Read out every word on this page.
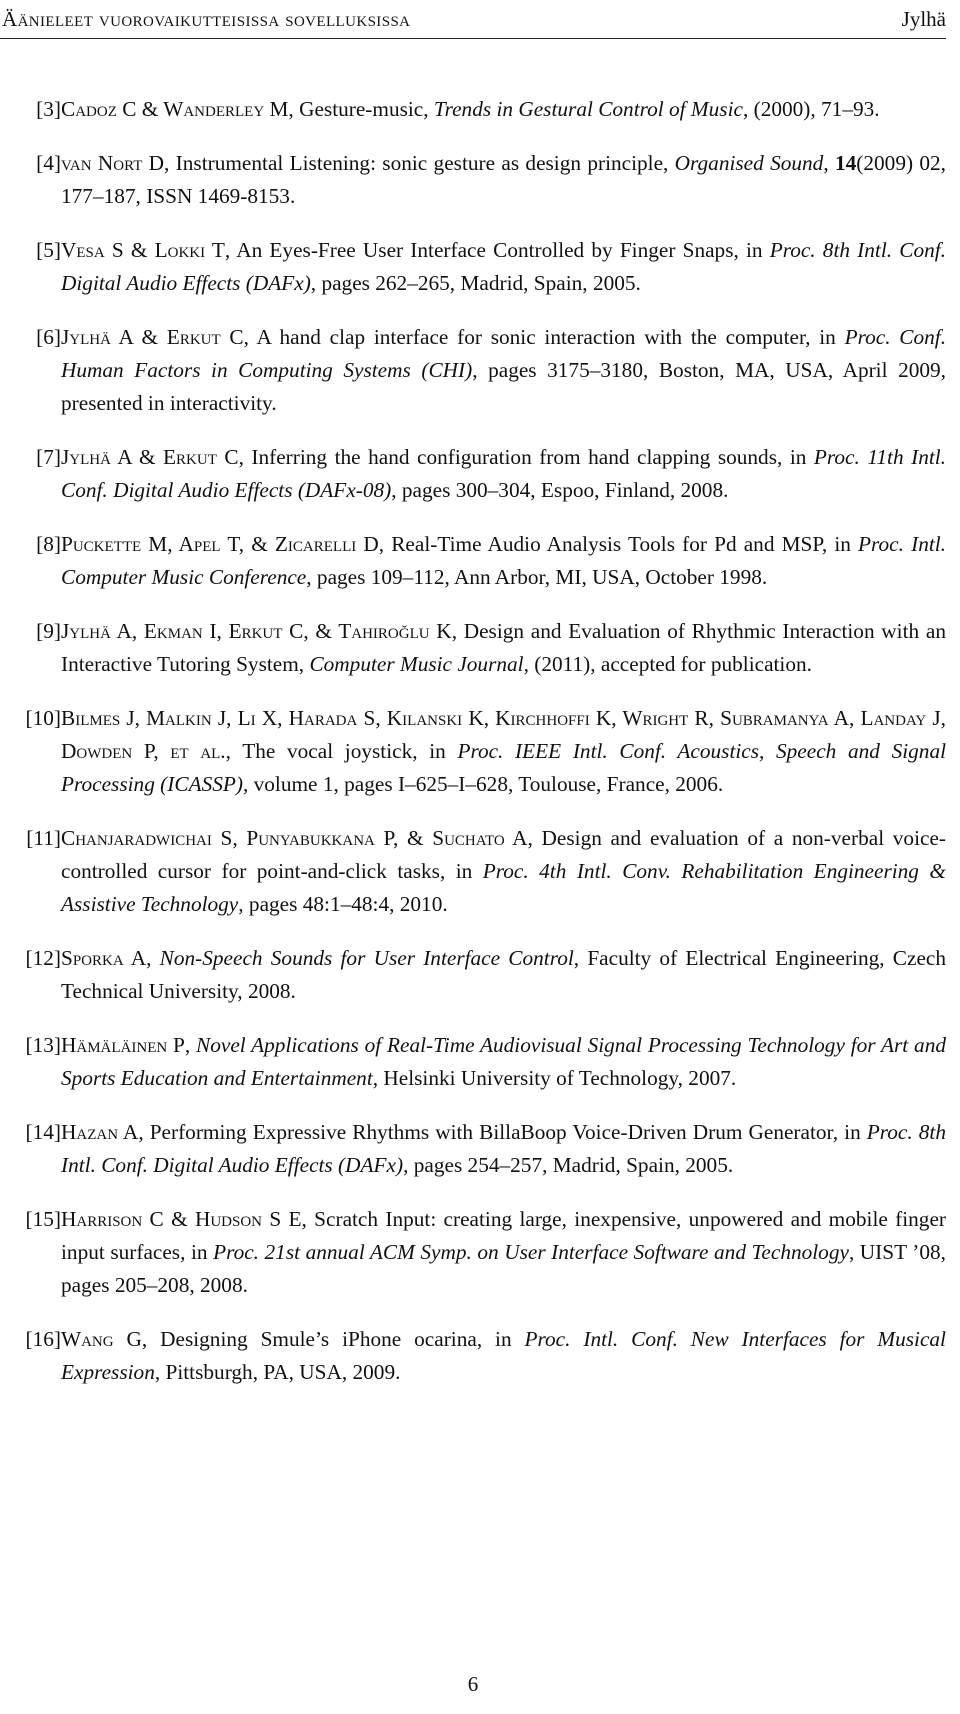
Äänieleet vuorovaikutteisissa sovelluksissa	Jylhä
[3] Cadoz C & Wanderley M, Gesture-music, Trends in Gestural Control of Music, (2000), 71–93.
[4] van Nort D, Instrumental Listening: sonic gesture as design principle, Organised Sound, 14(2009) 02, 177–187, ISSN 1469-8153.
[5] Vesa S & Lokki T, An Eyes-Free User Interface Controlled by Finger Snaps, in Proc. 8th Intl. Conf. Digital Audio Effects (DAFx), pages 262–265, Madrid, Spain, 2005.
[6] Jylhä A & Erkut C, A hand clap interface for sonic interaction with the computer, in Proc. Conf. Human Factors in Computing Systems (CHI), pages 3175–3180, Boston, MA, USA, April 2009, presented in interactivity.
[7] Jylhä A & Erkut C, Inferring the hand configuration from hand clapping sounds, in Proc. 11th Intl. Conf. Digital Audio Effects (DAFx-08), pages 300–304, Espoo, Finland, 2008.
[8] Puckette M, Apel T, & Zicarelli D, Real-Time Audio Analysis Tools for Pd and MSP, in Proc. Intl. Computer Music Conference, pages 109–112, Ann Arbor, MI, USA, October 1998.
[9] Jylhä A, Ekman I, Erkut C, & Tahiroğlu K, Design and Evaluation of Rhythmic Interaction with an Interactive Tutoring System, Computer Music Journal, (2011), accepted for publication.
[10] Bilmes J, Malkin J, Li X, Harada S, Kilanski K, Kirchhoffi K, Wright R, Subramanya A, Landay J, Dowden P, et al., The vocal joystick, in Proc. IEEE Intl. Conf. Acoustics, Speech and Signal Processing (ICASSP), volume 1, pages I–625–I–628, Toulouse, France, 2006.
[11] Chanjaradwichai S, Punyabukkana P, & Suchato A, Design and evaluation of a non-verbal voice-controlled cursor for point-and-click tasks, in Proc. 4th Intl. Conv. Rehabilitation Engineering & Assistive Technology, pages 48:1–48:4, 2010.
[12] Sporka A, Non-Speech Sounds for User Interface Control, Faculty of Electrical Engineering, Czech Technical University, 2008.
[13] Hämäläinen P, Novel Applications of Real-Time Audiovisual Signal Processing Technology for Art and Sports Education and Entertainment, Helsinki University of Technology, 2007.
[14] Hazan A, Performing Expressive Rhythms with BillaBoop Voice-Driven Drum Generator, in Proc. 8th Intl. Conf. Digital Audio Effects (DAFx), pages 254–257, Madrid, Spain, 2005.
[15] Harrison C & Hudson S E, Scratch Input: creating large, inexpensive, unpowered and mobile finger input surfaces, in Proc. 21st annual ACM Symp. on User Interface Software and Technology, UIST ’08, pages 205–208, 2008.
[16] Wang G, Designing Smule’s iPhone ocarina, in Proc. Intl. Conf. New Interfaces for Musical Expression, Pittsburgh, PA, USA, 2009.
6
